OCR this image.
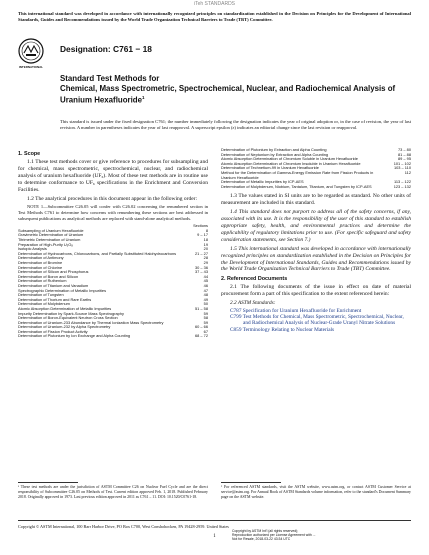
iTeh STANDARDS
This international standard was developed in accordance with internationally recognized principles on standardization established in the Decision on Principles for the Development of International Standards, Guides and Recommendations issued by the World Trade Organization Technical Barriers to Trade (TBT) Committee.
INTERNATIONAL
Designation: C761 − 18
Standard Test Methods for
Chemical, Mass Spectrometric, Spectrochemical, Nuclear, and Radiochemical Analysis of Uranium Hexafluoride$^1$
This standard is issued under the fixed designation C761; the number immediately following the designation indicates the year of original adoption or, in the case of revision, the year of last revision. A number in parentheses indicates the year of last reapproval. A superscript epsilon (ε) indicates an editorial change since the last revision or reapproval.
1. Scope
1.1 These test methods cover or give reference to procedures for subsampling and for chemical, mass spectrometric, spectrochemical, nuclear, and radiochemical analysis of uranium hexafluoride (UF₆). Most of these test methods are in routine use to determine conformance to UF₆ specifications in the Enrichment and Conversion Facilities.
1.2 The analytical procedures in this document appear in the following order:
NOTE 1—Subcommittee C26.05 will confer with C26.02 concerning the renumbered section in Test Methods C761 to determine how concerns with renumbering these sections are best addressed in subsequent publications as analytical methods are replaced with stand-alone analytical methods.
Sections
Subsampling of Uranium Hexafluoride	8
Gravimetric Determination of Uranium	9 – 17
Titrimetric Determination of Uranium	18
Preparation of High-Purity U₃O₈	19
Isotopic Analysis	20
Determination of Hydrocarbons, Chlorocarbons, and Partially Substituted Halohydrocarbons	21 – 27
Determination of Antimony	28
Determination of Bromine	29
Determination of Chlorine	30 – 36
Determination of Silicon and Phosphorus	37 – 43
Determination of Boron and Silicon	44
Determination of Ruthenium	45
Determination of Titanium and Vanadium	46
Spectrographic Determination of Metallic Impurities	47
Determination of Tungsten	48
Determination of Thorium and Rare Earths	49
Determination of Molybdenum	50
Atomic Absorption Determination of Metallic Impurities	51 – 58
Impurity Determination by Spark-Source Mass Spectrography	59
Determination of Boron-Equivalent Neutron Cross Section	58
Determination of Uranium-233 Abundance by Thermal Ionization Mass Spectrometry	59
Determination of Uranium-232 by Alpha Spectrometry	60 – 66
Determination of Fission Product Activity	67
Determination of Plutonium by Ion Exchange and Alpha Counting	68 – 72
Determination of Plutonium by Extraction and Alpha Counting	73 – 80
Determination of Neptunium by Extraction and Alpha Counting	81 – 88
Atomic Absorption Determination of Chromium Soluble in Uranium Hexafluoride	89 – 95
Atomic Absorption Determination of Chromium Insoluble in Uranium Hexafluoride	101 – 102
Determination of Technetium-99 in Uranium Hexafluoride	103 – 110
Method for the Determination of Gamma-Energy Emission Rate from Fission Products in Uranium Hexafluoride
112
Determination of Metallic Impurities by ICP-AES	113 – 122
Determination of Molybdenum, Niobium, Tantalum, Titanium, and Tungsten by ICP-AES	123 – 132
1.3 The values stated in SI units are to be regarded as standard. No other units of measurement are included in this standard.
1.4 This standard does not purport to address all of the safety concerns, if any, associated with its use. It is the responsibility of the user of this standard to establish appropriate safety, health, and environmental practices and determine the applicability of regulatory limitations prior to use. (For specific safeguard and safety consideration statements, see Section 7.)
1.5 This international standard was developed in accordance with internationally recognized principles on standardization established in the Decision on Principles for the Development of International Standards, Guides and Recommendations issued by the World Trade Organization Technical Barriers to Trade (TBT) Committee.
2. Referenced Documents
2.1 The following documents of the issue in effect on date of material procurement form a part of this specification to the extent referenced herein:
2.2 ASTM Standards:
C787 Specification for Uranium Hexafluoride for Enrichment
C799 Test Methods for Chemical, Mass Spectrometric, Spectrochemical, Nuclear, and Radiochemical Analysis of Nuclear-Grade Uranyl Nitrate Solutions
C859 Terminology Relating to Nuclear Materials
¹ These test methods are under the jurisdiction of ASTM Committee C26 on Nuclear Fuel Cycle and are the direct responsibility of Subcommittee C26.05 on Methods of Test. Current edition approved Feb. 1, 2018. Published February 2018. Originally approved in 1973. Last previous edition approved in 2011 as C761 – 11. DOI: 10.1520/C0761-18.
² For referenced ASTM standards, visit the ASTM website, www.astm.org, or contact ASTM Customer Service at service@astm.org. For Annual Book of ASTM Standards volume information, refer to the standard's Document Summary page on the ASTM website.
Copyright © ASTM International, 100 Barr Harbor Drive, PO Box C700, West Conshohocken, PA 19428-2959. United States
1
Copyright by ASTM Int'l (all rights reserved);
Reproduction authorized per License Agreement with ...
Not for Resale, 2018-03-22 43:34 UTC
